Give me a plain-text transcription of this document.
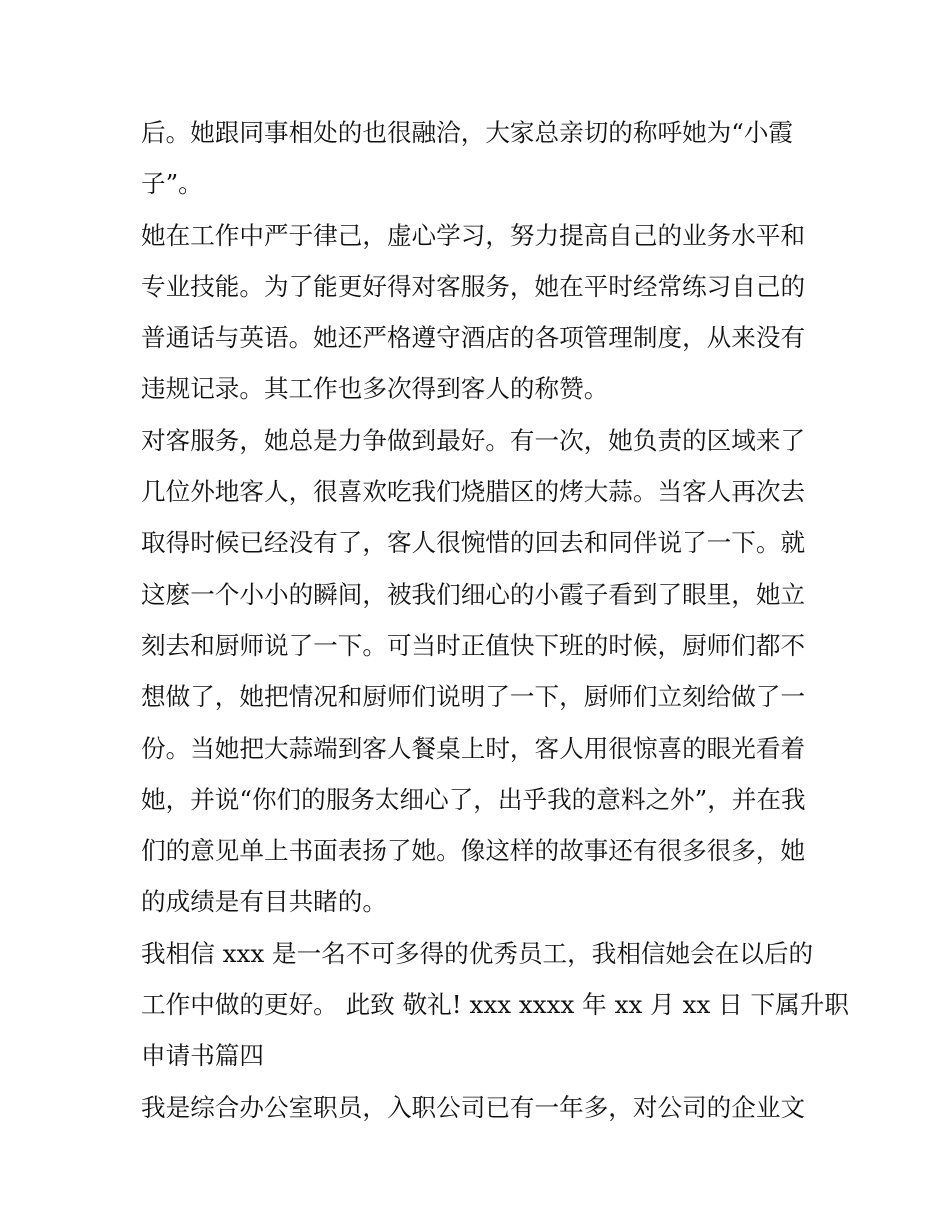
后。她跟同事相处的也很融洽，大家总亲切的称呼她为“小霞
子”。
她在工作中严于律己，虚心学习，努力提高自己的业务水平和
专业技能。为了能更好得对客服务，她在平时经常练习自己的
普通话与英语。她还严格遵守酒店的各项管理制度，从来没有
违规记录。其工作也多次得到客人的称赞。
对客服务，她总是力争做到最好。有一次，她负责的区域来了
几位外地客人，很喜欢吃我们烧腊区的烤大蒜。当客人再次去
取得时候已经没有了，客人很惋惜的回去和同伴说了一下。就
这麽一个小小的瞬间，被我们细心的小霞子看到了眼里，她立
刻去和厨师说了一下。可当时正值快下班的时候，厨师们都不
想做了，她把情况和厨师们说明了一下，厨师们立刻给做了一
份。当她把大蒜端到客人餐桌上时，客人用很惊喜的眼光看着
她，并说“你们的服务太细心了，出乎我的意料之外”，并在我
们的意见单上书面表扬了她。像这样的故事还有很多很多，她
的成绩是有目共睹的。
我相信 xxx 是一名不可多得的优秀员工，我相信她会在以后的
工作中做的更好。 此致 敬礼! xxx xxxx 年 xx 月 xx 日 下属升职
申请书篇四
我是综合办公室职员，入职公司已有一年多，对公司的企业文
